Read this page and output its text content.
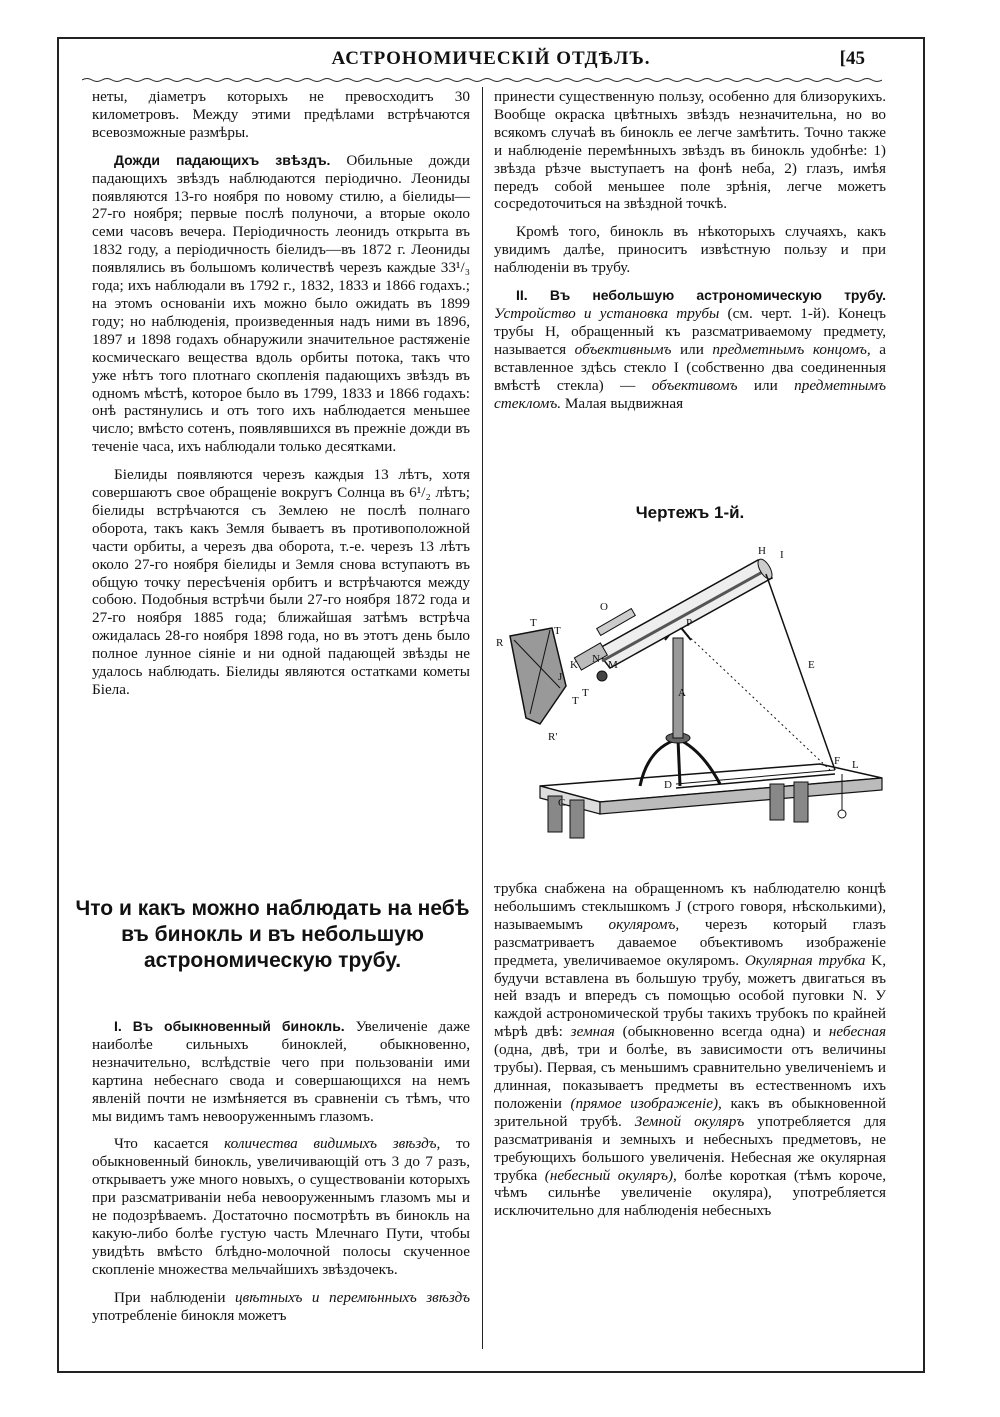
АСТРОНОМИЧЕСКІЙ ОТДѢЛЪ.	[45

неты, діаметръ которыхъ не превосходитъ 30 километровъ. Между этими предѣлами встрѣчаются всевозможные размѣры.

Дожди падающихъ звѣздъ. Обильные дожди падающихъ звѣздъ наблюдаются періодично. Леониды появляются 13-го ноября по новому стилю, а біелиды—27-го ноября; первые послѣ полуночи, а вторые около семи часовъ вечера. Періодичность леонидъ открыта въ 1832 году, а періодичность біелидъ—въ 1872 г. Леониды появлялись въ большомъ количествѣ черезъ каждые 33¹/₃ года; ихъ наблюдали въ 1792 г., 1832, 1833 и 1866 годахъ.; на этомъ основаніи ихъ можно было ожидать въ 1899 году; но наблюденія, произведенныя надъ ними въ 1896, 1897 и 1898 годахъ обнаружили значительное растяженіе космическаго вещества вдоль орбиты потока, такъ что уже нѣтъ того плотнаго скопленія падающихъ звѣздъ въ одномъ мѣстѣ, которое было въ 1799, 1833 и 1866 годахъ: онѣ растянулись и отъ того ихъ наблюдается меньшее число; вмѣсто сотенъ, появлявшихся въ прежніе дожди въ теченіе часа, ихъ наблюдали только десятками.

Біелиды появляются черезъ каждыя 13 лѣтъ, хотя совершаютъ свое обращеніе вокругъ Солнца въ 6¹/₂ лѣтъ; біелиды встрѣчаются съ Землею не послѣ полнаго оборота, такъ какъ Земля бываетъ въ противоположной части орбиты, а черезъ два оборота, т.-е. черезъ 13 лѣтъ около 27-го ноября біелиды и Земля снова вступаютъ въ общую точку пересѣченія орбитъ и встрѣчаются между собою. Подобныя встрѣчи были 27-го ноября 1872 года и 27-го ноября 1885 года; ближайшая затѣмъ встрѣча ожидалась 28-го ноября 1898 года, но въ этотъ день было полное лунное сіяніе и ни одной падающей звѣзды не удалось наблюдать. Біелиды являются остатками кометы Біела.

Что и какъ можно наблюдать на небѣ въ бинокль и въ небольшую астрономическую трубу.

I. Въ обыкновенный бинокль. Увеличеніе даже наиболѣе сильныхъ биноклей, обыкновенно, незначительно, вслѣдствіе чего при пользованіи ими картина небеснаго свода и совершающихся на немъ явленій почти не измѣняется въ сравненіи съ тѣмъ, что мы видимъ тамъ невооруженнымъ глазомъ.

Что касается количества видимыхъ звѣздъ, то обыкновенный бинокль, увеличивающій отъ 3 до 7 разъ, открываетъ уже много новыхъ, о существованіи которыхъ при разсматриваніи неба невооруженнымъ глазомъ мы и не подозрѣваемъ. Достаточно посмотрѣть въ бинокль на какую-либо болѣе густую часть Млечнаго Пути, чтобы увидѣть вмѣсто блѣдно-молочной полосы скученное скопленіе множества мельчайшихъ звѣздочекъ.

При наблюденіи цвѣтныхъ и перемѣнныхъ звѣздъ употребленіе бинокля можетъ

принести существенную пользу, особенно для близорукихъ. Вообще окраска цвѣтныхъ звѣздъ незначительна, но во всякомъ случаѣ въ бинокль ее легче замѣтить. Точно также и наблюденіе перемѣнныхъ звѣздъ въ бинокль удобнѣе: 1) звѣзда рѣзче выступаетъ на фонѣ неба, 2) глазъ, имѣя передъ собой меньшее поле зрѣнія, легче можетъ сосредоточиться на звѣздной точкѣ.

Кромѣ того, бинокль въ нѣкоторыхъ случаяхъ, какъ увидимъ далѣе, приноситъ извѣстную пользу и при наблюденіи въ трубу.

II. Въ небольшую астрономическую трубу. Устройство и установка трубы (см. черт. 1-й). Конецъ трубы H, обращенный къ разсматриваемому предмету, называется объективнымъ или предметнымъ концомъ, а вставленное здѣсь стекло I (собственно два соединенныя вмѣстѣ стекла) — объективомъ или предметнымъ стекломъ. Малая выдвижная

Чертежъ 1-й.
H I
R
T
T
O
K
J
N M
P
T
T
R'
A
E
D
F L
C

трубка снабжена на обращенномъ къ наблюдателю концѣ небольшимъ стеклышкомъ J (строго говоря, нѣсколькими), называемымъ окуляромъ, черезъ который глазъ разсматриваетъ даваемое объективомъ изображеніе предмета, увеличиваемое окуляромъ. Окулярная трубка K, будучи вставлена въ большую трубу, можетъ двигаться въ ней взадъ и впередъ съ помощью особой пуговки N. У каждой астрономической трубы такихъ трубокъ по крайней мѣрѣ двѣ: земная (обыкновенно всегда одна) и небесная (одна, двѣ, три и болѣе, въ зависимости отъ величины трубы). Первая, съ меньшимъ сравнительно увеличеніемъ и длинная, показываетъ предметы въ естественномъ ихъ положеніи (прямое изображеніе), какъ въ обыкновенной зрительной трубѣ. Земной окуляръ употребляется для разсматриванія и земныхъ и небесныхъ предметовъ, не требующихъ большого увеличенія. Небесная же окулярная трубка (небесный окуляръ), болѣе короткая (тѣмъ короче, чѣмъ сильнѣе увеличеніе окуляра), употребляется исключительно для наблюденія небесныхъ
